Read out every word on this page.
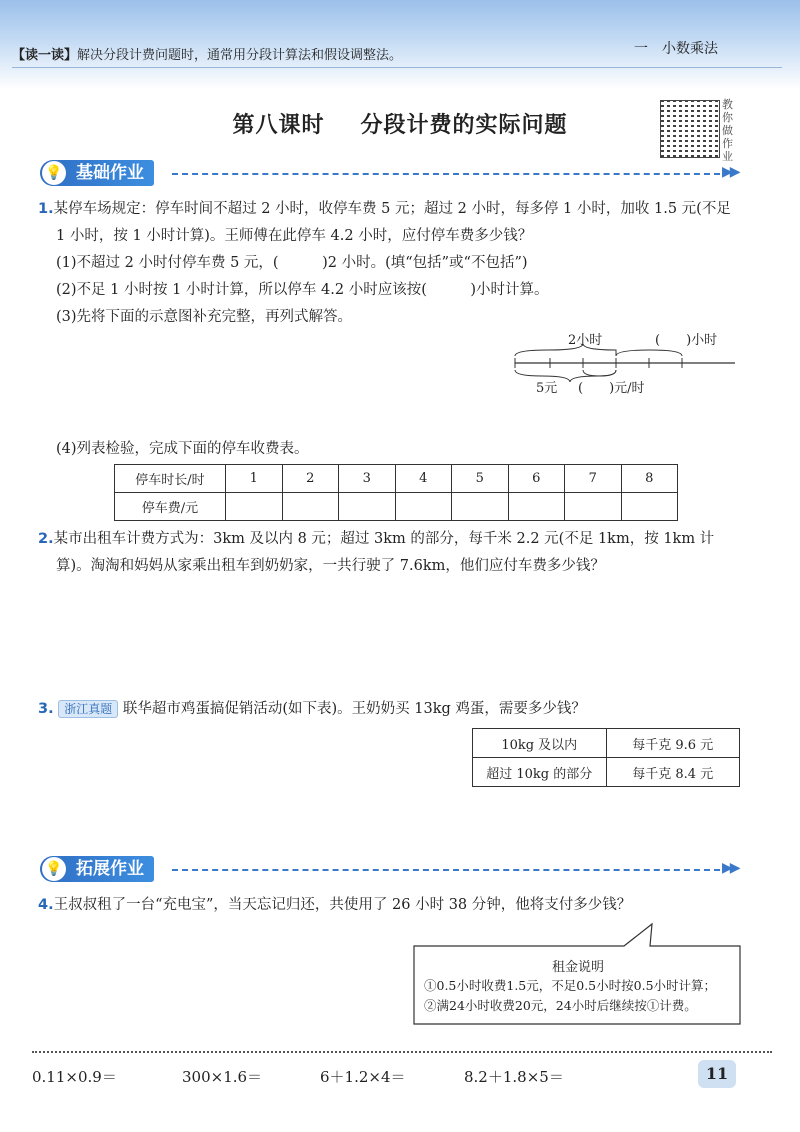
【读一读】解决分段计费问题时，通常用分段计算法和假设调整法。	一　小数乘法
第八课时 分段计费的实际问题
教你做作业
💡 基础作业	▶▶
1.某停车场规定：停车时间不超过 2 小时，收停车费 5 元；超过 2 小时，每多停 1 小时，加收 1.5 元(不足
1 小时，按 1 小时计算)。王师傅在此停车 4.2 小时，应付停车费多少钱？
(1)不超过 2 小时付停车费 5 元，(　　　)2 小时。(填“包括”或“不包括”)
(2)不足 1 小时按 1 小时计算，所以停车 4.2 小时应该按(　　　)小时计算。
(3)先将下面的示意图补充完整，再列式解答。
2小时	(　　)小时
5元 (　　)元/时
(4)列表检验，完成下面的停车收费表。
停车时长/时	1	2	3	4	5	6	7	8
停车费/元								
2.某市出租车计费方式为：3km 及以内 8 元；超过 3km 的部分，每千米 2.2 元(不足 1km，按 1km 计
算)。淘淘和妈妈从家乘出租车到奶奶家，一共行驶了 7.6km，他们应付车费多少钱？
3. 浙江真题 联华超市鸡蛋搞促销活动(如下表)。王奶奶买 13kg 鸡蛋，需要多少钱？
10kg 及以内	每千克 9.6 元
超过 10kg 的部分	每千克 8.4 元
💡 拓展作业	▶▶
4.王叔叔租了一台“充电宝”，当天忘记归还，共使用了 26 小时 38 分钟，他将支付多少钱？
租金说明
①0.5小时收费1.5元，不足0.5小时按0.5小时计算；
②满24小时收费20元，24小时后继续按①计费。
0.11×0.9＝	300×1.6＝	6＋1.2×4＝	8.2＋1.8×5＝	11
